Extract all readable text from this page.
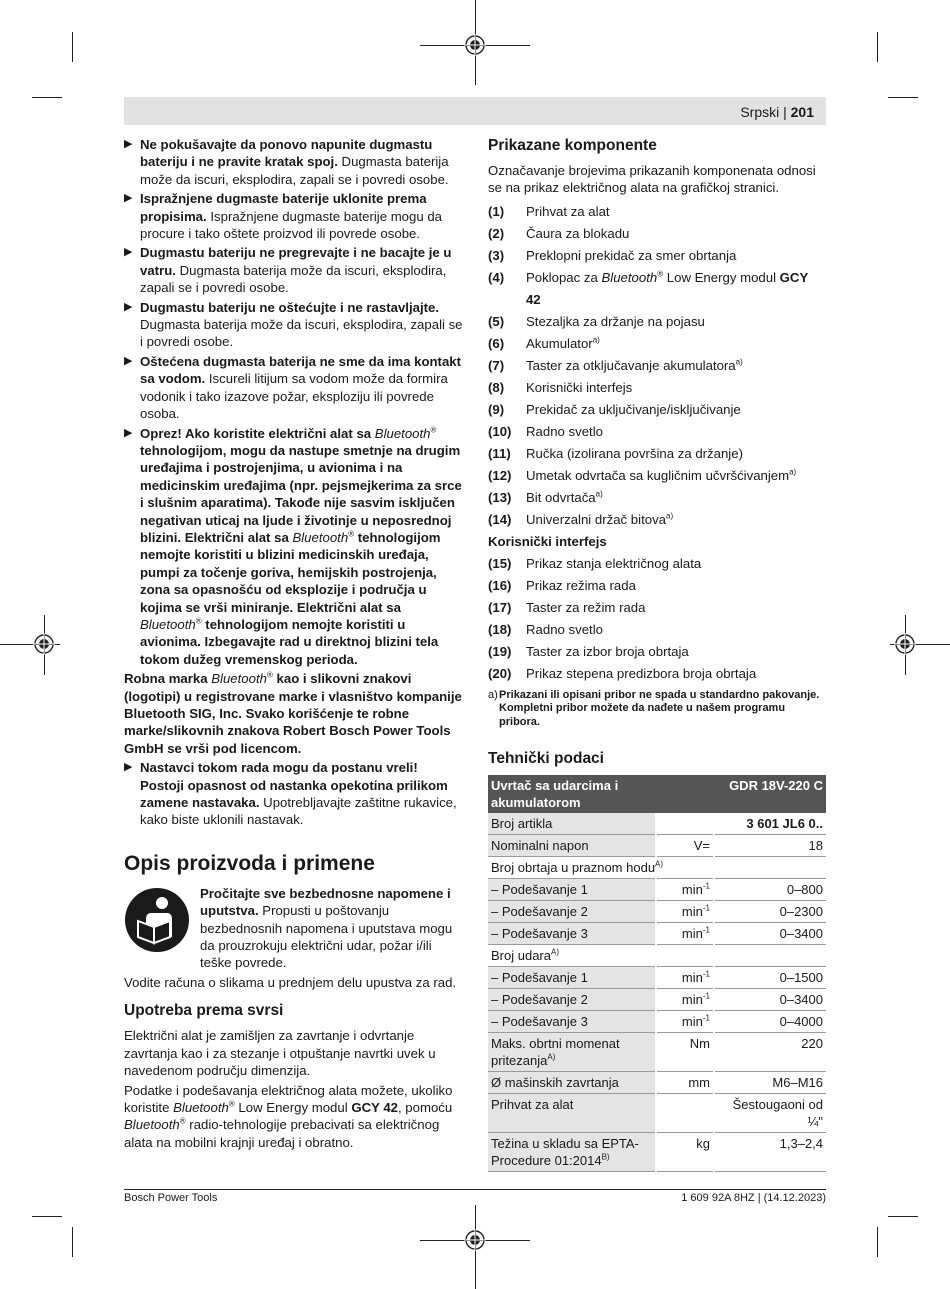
Srpski | 201
▶ Ne pokušavajte da ponovo napunite dugmastu bateriju i ne pravite kratak spoj. Dugmasta baterija može da iscuri, eksplodira, zapali se i povredi osobe.
▶ Ispražnjene dugmaste baterije uklonite prema propisima. Ispražnjene dugmaste baterije mogu da procure i tako oštete proizvod ili povrede osobe.
▶ Dugmastu bateriju ne pregrevajte i ne bacajte je u vatru. Dugmasta baterija može da iscuri, eksplodira, zapali se i povredi osobe.
▶ Dugmastu bateriju ne oštećujte i ne rastavljajte. Dugmasta baterija može da iscuri, eksplodira, zapali se i povredi osobe.
▶ Oštećena dugmasta baterija ne sme da ima kontakt sa vodom. Iscureli litijum sa vodom može da formira vodonik i tako izazove požar, eksploziju ili povrede osoba.
▶ Oprez! Ako koristite električni alat sa Bluetooth® tehnologijom, mogu da nastupe smetnje na drugim uređajima i postrojenjima, u avionima i na medicinskim uređajima (npr. pejsmejkerima za srce i slušnim aparatima). Takođe nije sasvim isključen negativan uticaj na ljude i životinje u neposrednoj blizini. Električni alat sa Bluetooth® tehnologijom nemojte koristiti u blizini medicinskih uređaja, pumpi za točenje goriva, hemijskih postrojenja, zona sa opasnošću od eksplozije i područja u kojima se vrši miniranje. Električni alat sa Bluetooth® tehnologijom nemojte koristiti u avionima. Izbegavajte rad u direktnoj blizini tela tokom dužeg vremenskog perioda.

Robna marka Bluetooth® kao i slikovni znakovi (logotipi) u registrovane marke i vlasništvo kompanije Bluetooth SIG, Inc. Svako korišćenje te robne marke/slikovnih znakova Robert Bosch Power Tools GmbH se vrši pod licencom.

▶ Nastavci tokom rada mogu da postanu vreli! Postoji opasnost od nastanka opekotina prilikom zamene nastavaka. Upotrebljavajte zaštitne rukavice, kako biste uklonili nastavak.
Opis proizvoda i primene
Pročitajte sve bezbednosne napomene i uputstva. Propusti u poštovanju bezbednosnih napomena i uputstava mogu da prouzrokuju električni udar, požar i/ili teške povrede.

Vodite računa o slikama u prednjem delu upustva za rad.

Upotreba prema svrsi

Električni alat je zamišljen za zavrtanje i odvrtanje zavrtanja kao i za stezanje i otpuštanje navrtki uvek u navedenom području dimenzija.

Podatke i podešavanja električnog alata možete, ukoliko koristite Bluetooth® Low Energy modul GCY 42, pomoću Bluetooth® radio-tehnologije prebacivati sa električnog alata na mobilni krajnji uređaj i obratno.

Prikazane komponente

Označavanje brojevima prikazanih komponenata odnosi se na prikaz električnog alata na grafičkoj stranici.

(1)	Prihvat za alat
(2)	Čaura za blokadu
(3)	Preklopni prekidač za smer obrtanja
(4)	Poklopac za Bluetooth® Low Energy modul GCY 42
(5)	Stezaljka za držanje na pojasu
(6)	Akumulator$^{a)}$
(7)	Taster za otključavanje akumulatora$^{a)}$
(8)	Korisnički interfejs
(9)	Prekidač za uključivanje/isključivanje
(10)	Radno svetlo
(11)	Ručka (izolirana površina za držanje)
(12)	Umetak odvrtača sa kugličnim učvršćivanjem$^{a)}$
(13)	Bit odvrtača$^{a)}$
(14)	Univerzalni držač bitova$^{a)}$
Korisnički interfejs
(15)	Prikaz stanja električnog alata
(16)	Prikaz režima rada
(17)	Taster za režim rada
(18)	Radno svetlo
(19)	Taster za izbor broja obrtaja
(20)	Prikaz stepena predizbora broja obrtaja
a) Prikazani ili opisani pribor ne spada u standardno pakovanje. Kompletni pribor možete da nađete u našem programu pribora.
Tehnički podaci
Uvrtač sa udarcima i akumulatorom	GDR 18V-220 C	
Broj artikla		3 601 JL6 0..
Nominalni napon	V=	18
Broj obrtaja u praznom hodu$^{A)}$
– Podešavanje 1	$\min^{-1}$	0–800
– Podešavanje 2	$\min^{-1}$	0–2300
– Podešavanje 3	$\min^{-1}$	0–3400
Broj udara$^{A)}$
– Podešavanje 1	$\min^{-1}$	0–1500
– Podešavanje 2	$\min^{-1}$	0–3400
– Podešavanje 3	$\min^{-1}$	0–4000
Maks. obrtni momenat pritezanja$^{A)}$	Nm	220
Ø mašinskih zavrtanja	mm	M6–M16
Prihvat za alat		Šestougaoni od ¼"
Težina u skladu sa EPTA-Procedure $01:2014^{B)}$	kg	1,3–2,4
Bosch Power Tools	1 609 92A 8HZ | (14.12.2023)
